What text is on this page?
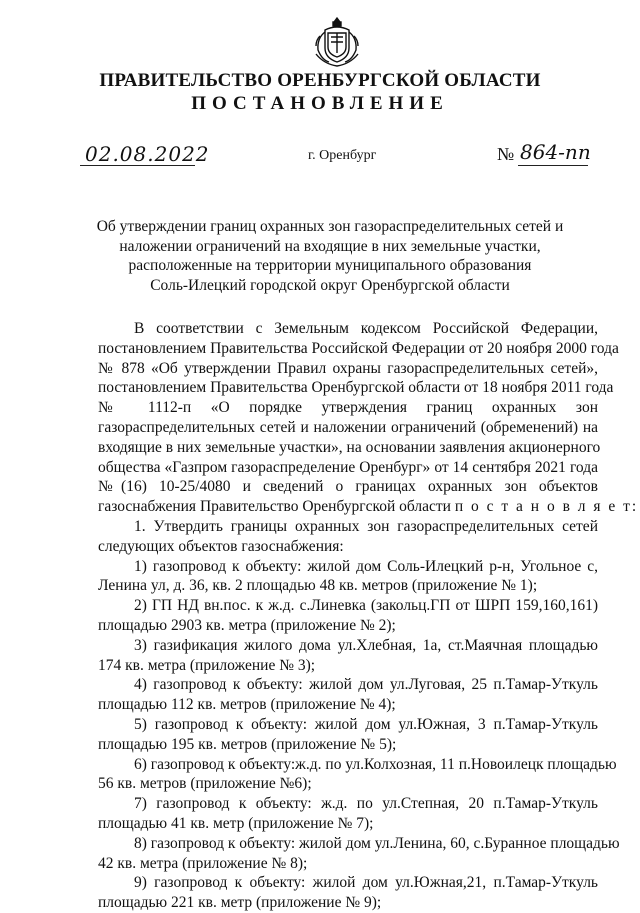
ПРАВИТЕЛЬСТВО ОРЕНБУРГСКОЙ ОБЛАСТИ
ПОСТАНОВЛЕНИЕ
02.08.2022	г. Оренбург	№ 864-пп
Об утверждении границ охранных зон газораспределительных сетей и
наложении ограничений на входящие в них земельные участки,
расположенные на территории муниципального образования
Соль-Илецкий городской округ Оренбургской области
В соответствии с Земельным кодексом Российской Федерации,
постановлением Правительства Российской Федерации от 20 ноября 2000 года
№ 878 «Об утверждении Правил охраны газораспределительных сетей»,
постановлением Правительства Оренбургской области от 18 ноября 2011 года
№ 1112-п «О порядке утверждения границ охранных зон
газораспределительных сетей и наложении ограничений (обременений) на
входящие в них земельные участки», на основании заявления акционерного
общества «Газпром газораспределение Оренбург» от 14 сентября 2021 года
№(16) 10-25/4080 и сведений о границах охранных зон объектов
газоснабжения Правительство Оренбургской области п о с т а н о в л я е т:
1. Утвердить границы охранных зон газораспределительных сетей
следующих объектов газоснабжения:
1) газопровод к объекту: жилой дом Соль-Илецкий р-н, Угольное с,
Ленина ул, д. 36, кв. 2 площадью 48 кв. метров (приложение № 1);
2) ГП НД вн.пос. к ж.д. с.Линевка (закольц.ГП от ШРП 159,160,161)
площадью 2903 кв. метра (приложение № 2);
3) газификация жилого дома ул.Хлебная, 1а, ст.Маячная площадью
174 кв. метра (приложение № 3);
4) газопровод к объекту: жилой дом ул.Луговая, 25 п.Тамар-Уткуль
площадью 112 кв. метров (приложение № 4);
5) газопровод к объекту: жилой дом ул.Южная, 3 п.Тамар-Уткуль
площадью 195 кв. метров (приложение № 5);
6) газопровод к объекту:ж.д. по ул.Колхозная, 11 п.Новоилецк площадью
56 кв. метров (приложение №6);
7) газопровод к объекту: ж.д. по ул.Степная, 20 п.Тамар-Уткуль
площадью 41 кв. метр (приложение № 7);
8) газопровод к объекту: жилой дом ул.Ленина, 60, с.Буранное площадью
42 кв. метра (приложение № 8);
9) газопровод к объекту: жилой дом ул.Южная,21, п.Тамар-Уткуль
площадью 221 кв. метр (приложение № 9);
